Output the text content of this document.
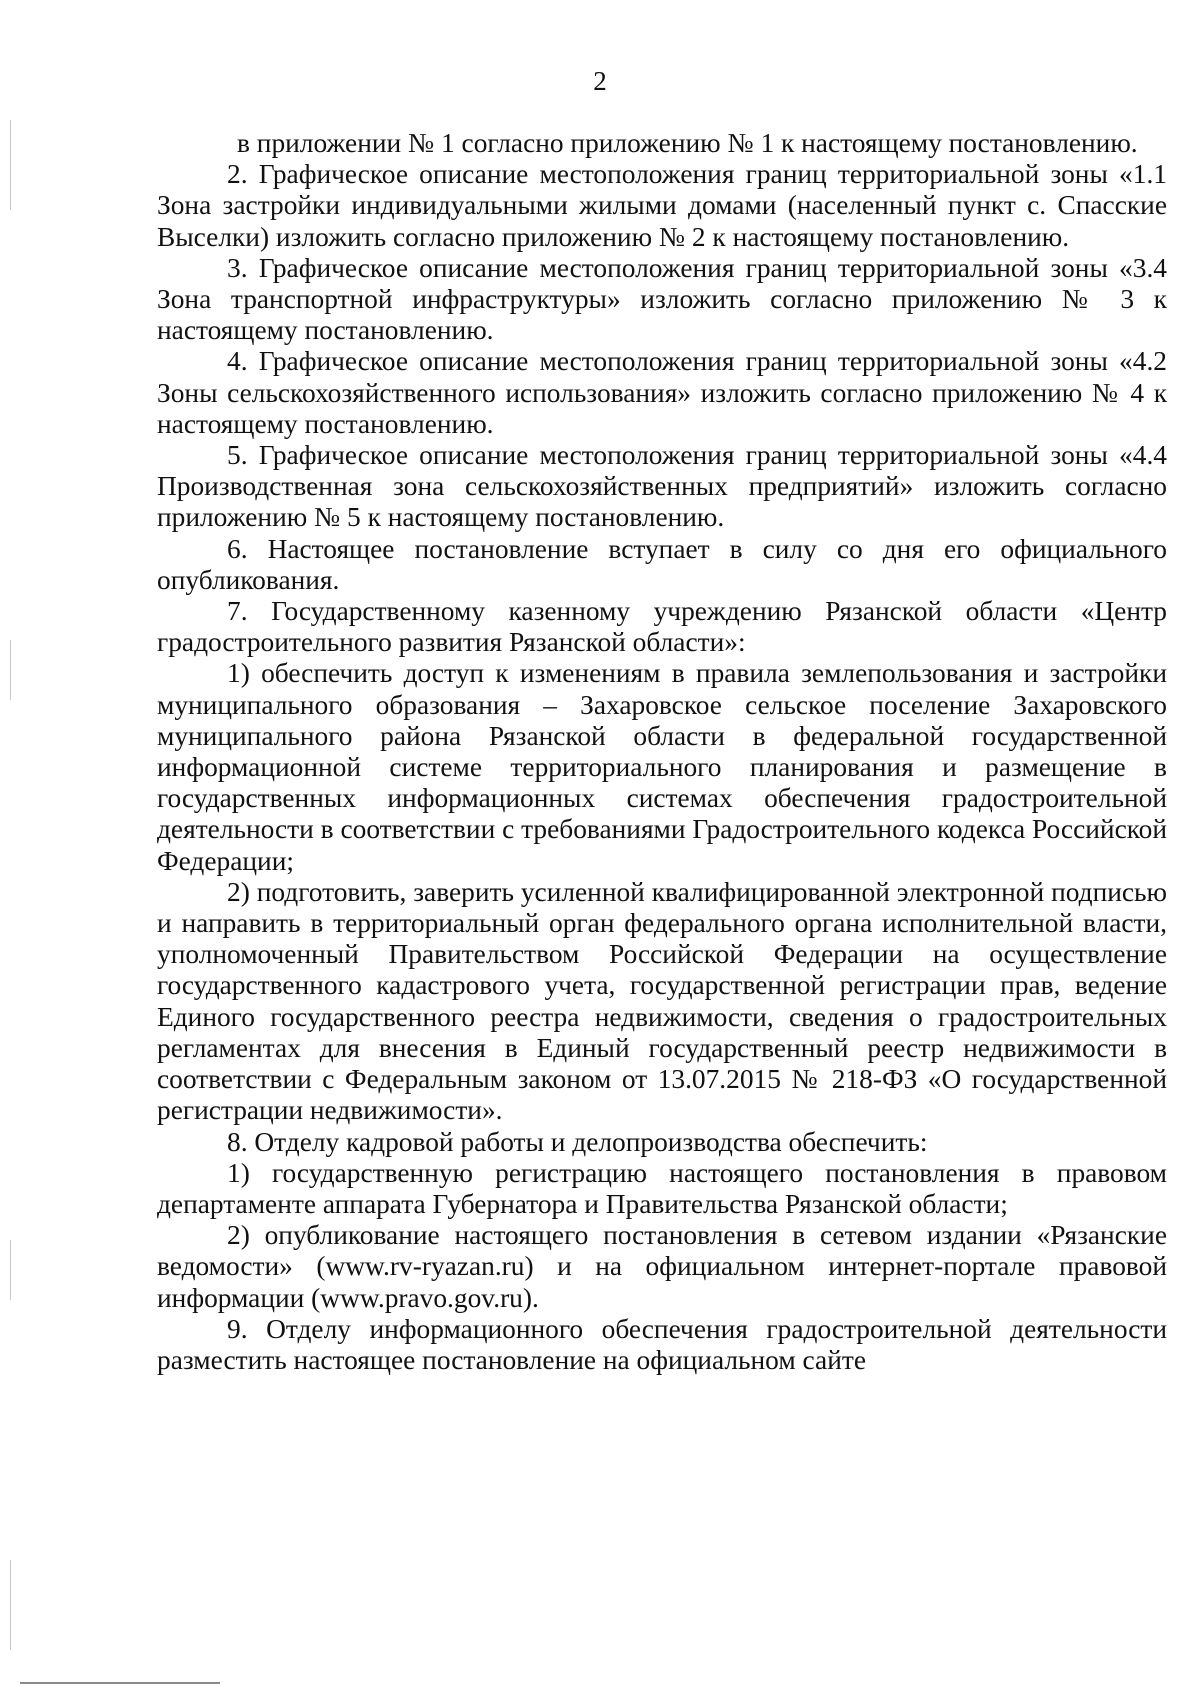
2

в приложении № 1 согласно приложению № 1 к настоящему постановлению.

2. Графическое описание местоположения границ территориальной зоны «1.1 Зона застройки индивидуальными жилыми домами (населенный пункт с. Спасские Выселки) изложить согласно приложению № 2 к настоящему постановлению.

3. Графическое описание местоположения границ территориальной зоны «3.4 Зона транспортной инфраструктуры» изложить согласно приложению № 3 к настоящему постановлению.

4. Графическое описание местоположения границ территориальной зоны «4.2 Зоны сельскохозяйственного использования» изложить согласно приложению № 4 к настоящему постановлению.

5. Графическое описание местоположения границ территориальной зоны «4.4 Производственная зона сельскохозяйственных предприятий» изложить согласно приложению № 5 к настоящему постановлению.

6. Настоящее постановление вступает в силу со дня его официального опубликования.

7. Государственному казенному учреждению Рязанской области «Центр градостроительного развития Рязанской области»:

1) обеспечить доступ к изменениям в правила землепользования и застройки муниципального образования – Захаровское сельское поселение Захаровского муниципального района Рязанской области в федеральной государственной информационной системе территориального планирования и размещение в государственных информационных системах обеспечения градостроительной деятельности в соответствии с требованиями Градостроительного кодекса Российской Федерации;

2) подготовить, заверить усиленной квалифицированной электронной подписью и направить в территориальный орган федерального органа исполнительной власти, уполномоченный Правительством Российской Федерации на осуществление государственного кадастрового учета, государственной регистрации прав, ведение Единого государственного реестра недвижимости, сведения о градостроительных регламентах для внесения в Единый государственный реестр недвижимости в соответствии с Федеральным законом от 13.07.2015 № 218-ФЗ «О государственной регистрации недвижимости».

8. Отделу кадровой работы и делопроизводства обеспечить:

1) государственную регистрацию настоящего постановления в правовом департаменте аппарата Губернатора и Правительства Рязанской области;

2) опубликование настоящего постановления в сетевом издании «Рязанские ведомости» (www.rv-ryazan.ru) и на официальном интернет-портале правовой информации (www.pravo.gov.ru).

9. Отделу информационного обеспечения градостроительной деятельности разместить настоящее постановление на официальном сайте
